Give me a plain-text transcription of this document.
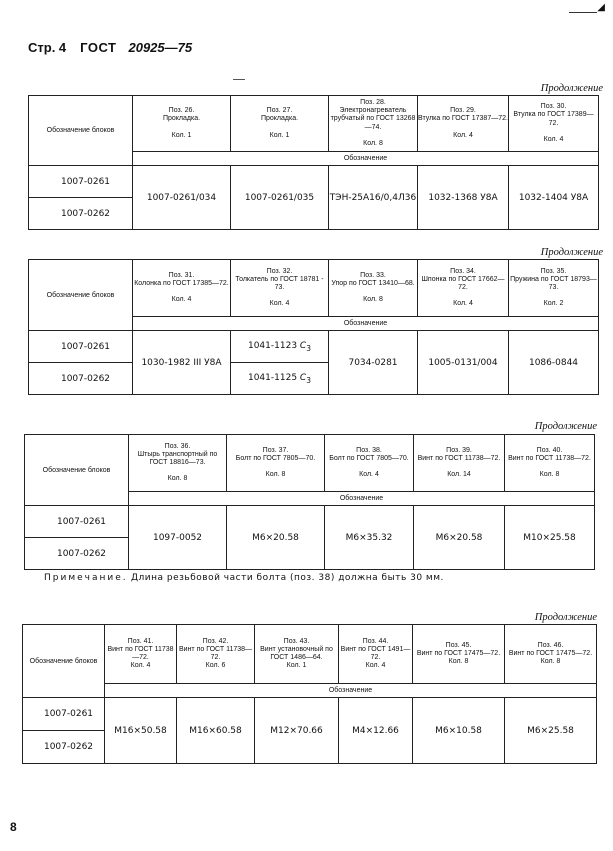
Стр. 4 ГОСТ 20925—75
◢
Продолжение
Обозначение блоков	Поз. 26.
Прокладка.
Кол. 1	Поз. 27.
Прокладка.
Кол. 1	Поз. 28.
Электронагреватель трубчатый по ГОСТ 13268—74.
Кол. 8	Поз. 29.
Втулка по ГОСТ 17387—72.
Кол. 4	Поз. 30.
Втулка по ГОСТ 17389—72.
Кол. 4

	Обозначение				
1007-0261	1007-0261/034	1007-0261/035	ТЭН-25А16/0,4Л36	1032-1368 У8А	1032-1404 У8А
1007-0262					
Продолжение
Обозначение блоков	Поз. 31.
Колонка по ГОСТ 17385—72.
Кол. 4	Поз. 32.
Толкатель по ГОСТ 18781 - 73.
Кол. 4	Поз. 33.
Упор по ГОСТ 13410—68.
Кол. 8	Поз. 34.
Шпонка по ГОСТ 17662—72.
Кол. 4	Поз. 35.
Пружина по ГОСТ 18793—73.
Кол. 2

	Обозначение				
1007-0261	1030-1982 III У8А	1041-1123 $С_3$	7034-0281	1005-0131/004	1086-0844
1007-0262		1041-1125 $С_3$
Продолжение
Обозначение блоков	Поз. 36.
Штырь транспортный по ГОСТ 18816—73.
Кол. 8	Поз. 37.
Болт по ГОСТ 7805—70.
Кол. 8	Поз. 38.
Болт по ГОСТ 7805—70.
Кол. 4	Поз. 39.
Винт по ГОСТ 11738—72.
Кол. 14	Поз. 40.
Винт по ГОСТ 11738—72.
Кол. 8

	Обозначение				
1007-0261	1097-0052	M6×20.58	M6×35.32	M6×20.58	M10×25.58
1007-0262					
Примечание. Длина резьбовой части болта (поз. 38) должна быть 30 мм.
Продолжение
Обозначение блоков	Поз. 41.
Винт по ГОСТ 11738—72.
Кол. 4	Поз. 42.
Винт по ГОСТ 11738—72.
Кол. 6	Поз. 43.
Винт установочный по ГОСТ 1486—64.
Кол. 1	Поз. 44.
Винт по ГОСТ 1491—72.
Кол. 4	Поз. 45.
Винт по ГОСТ 17475—72.
Кол. 8	Поз. 46.
Винт по ГОСТ 17475—72.
Кол. 8
	Обозначение					
1007-0261	M16×50.58	M16×60.58	M12×70.66	M4×12.66	M6×10.58	M6×25.58
1007-0262						
8
